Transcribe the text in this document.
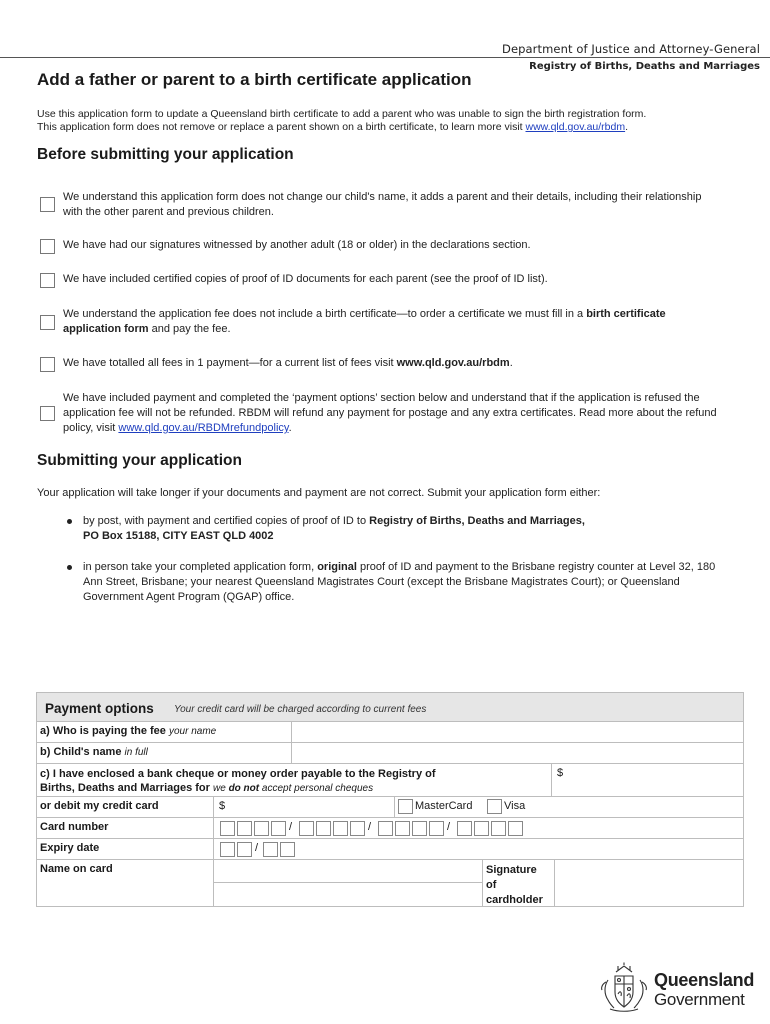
Department of Justice and Attorney-General
Registry of Births, Deaths and Marriages
Add a father or parent to a birth certificate application
Use this application form to update a Queensland birth certificate to add a parent who was unable to sign the birth registration form.
This application form does not remove or replace a parent shown on a birth certificate, to learn more visit www.qld.gov.au/rbdm.
Before submitting your application
We understand this application form does not change our child's name, it adds a parent and their details, including their relationship with the other parent and previous children.
We have had our signatures witnessed by another adult (18 or older) in the declarations section.
We have included certified copies of proof of ID documents for each parent (see the proof of ID list).
We understand the application fee does not include a birth certificate—to order a certificate we must fill in a birth certificate application form and pay the fee.
We have totalled all fees in 1 payment—for a current list of fees visit www.qld.gov.au/rbdm.
We have included payment and completed the ‘payment options’ section below and understand that if the application is refused the application fee will not be refunded. RBDM will refund any payment for postage and any extra certificates. Read more about the refund policy, visit www.qld.gov.au/RBDMrefundpolicy.
Submitting your application
Your application will take longer if your documents and payment are not correct. Submit your application form either:
by post, with payment and certified copies of proof of ID to Registry of Births, Deaths and Marriages,
PO Box 15188, CITY EAST QLD 4002
in person take your completed application form, original proof of ID and payment to the Brisbane registry counter at Level 32, 180 Ann Street, Brisbane; your nearest Queensland Magistrates Court (except the Brisbane Magistrates Court); or Queensland Government Agent Program (QGAP) office.
Payment options Your credit card will be charged according to current fees
a) Who is paying the fee your name
b) Child's name in full
c) I have enclosed a bank cheque or money order payable to the Registry of
Births, Deaths and Marriages for we do not accept personal cheques
$
or debit my credit card	$	MasterCard	Visa
Card number	/	/	/
Expiry date	/
Name on card	Signature
of
cardholder
Queensland
Government
